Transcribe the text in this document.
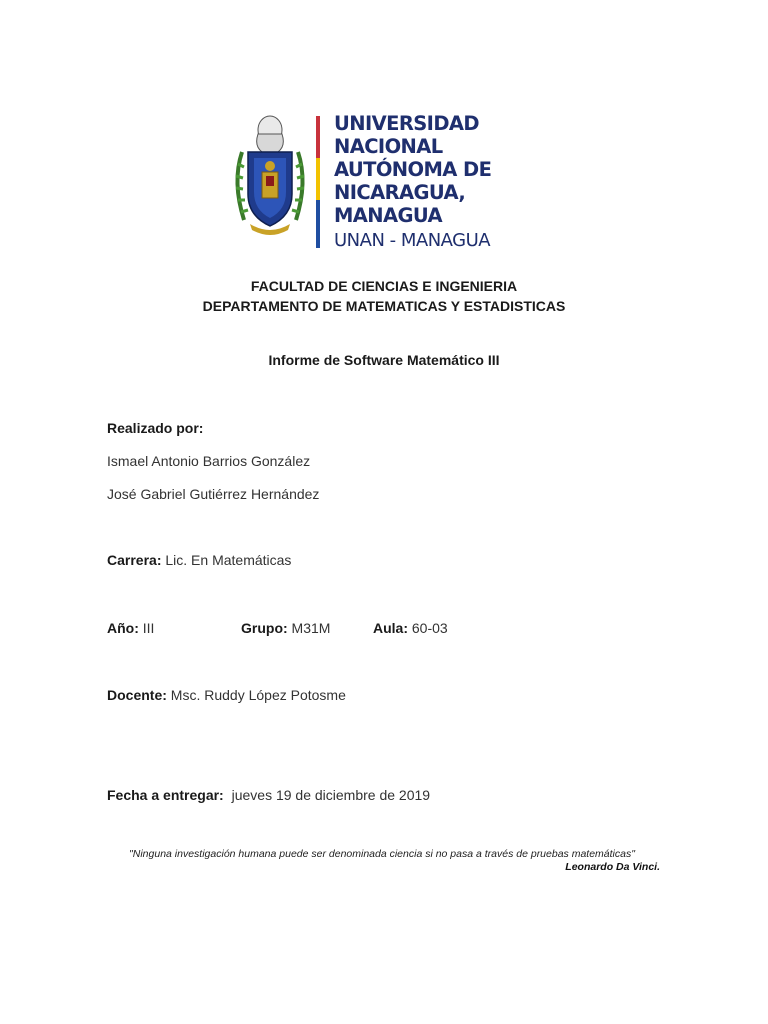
UNIVERSIDAD
NACIONAL
AUTÓNOMA DE
NICARAGUA,
MANAGUA
UNAN - MANAGUA
FACULTAD DE CIENCIAS E INGENIERIA
DEPARTAMENTO DE MATEMATICAS Y ESTADISTICAS
Informe de Software Matemático III
Realizado por:
Ismael Antonio Barrios González
José Gabriel Gutiérrez Hernández
Carrera: Lic. En Matemáticas
Año: III	Grupo: M31M	Aula: 60-03
Docente: Msc. Ruddy López Potosme
Fecha a entregar: jueves 19 de diciembre de 2019
"Ninguna investigación humana puede ser denominada ciencia si no pasa a través de pruebas matemáticas"
Leonardo Da Vinci.
